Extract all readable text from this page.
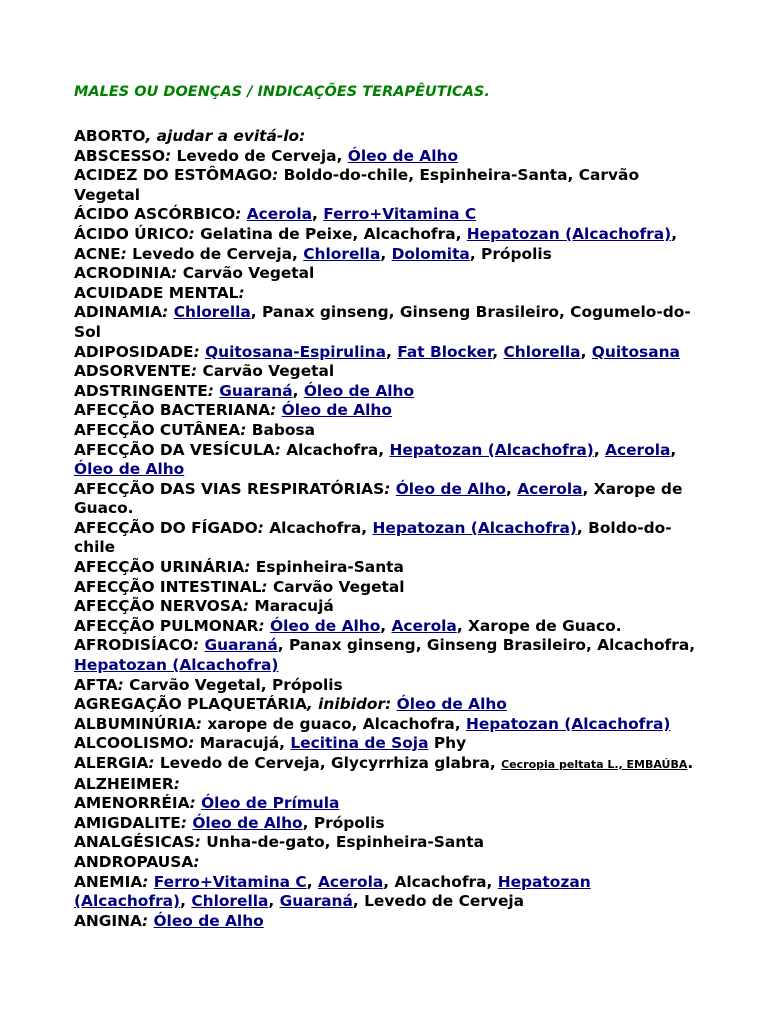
MALES OU DOENÇAS / INDICAÇÕES TERAPÊUTICAS.
ABORTO, ajudar a evitá-lo:
ABSCESSO: Levedo de Cerveja, Óleo de Alho
ACIDEZ DO ESTÔMAGO: Boldo-do-chile, Espinheira-Santa, Carvão Vegetal
ÁCIDO ASCÓRBICO: Acerola, Ferro+Vitamina C
ÁCIDO ÚRICO: Gelatina de Peixe, Alcachofra, Hepatozan (Alcachofra),
ACNE: Levedo de Cerveja, Chlorella, Dolomita, Própolis
ACRODINIA: Carvão Vegetal
ACUIDADE MENTAL:
ADINAMIA: Chlorella, Panax ginseng, Ginseng Brasileiro, Cogumelo-do-Sol
ADIPOSIDADE: Quitosana-Espirulina, Fat Blocker, Chlorella, Quitosana
ADSORVENTE: Carvão Vegetal
ADSTRINGENTE: Guaraná, Óleo de Alho
AFECÇÃO BACTERIANA: Óleo de Alho
AFECÇÃO CUTÂNEA: Babosa
AFECÇÃO DA VESÍCULA: Alcachofra, Hepatozan (Alcachofra), Acerola, Óleo de Alho
AFECÇÃO DAS VIAS RESPIRATÓRIAS: Óleo de Alho, Acerola, Xarope de Guaco.
AFECÇÃO DO FÍGADO: Alcachofra, Hepatozan (Alcachofra), Boldo-do-chile
AFECÇÃO URINÁRIA: Espinheira-Santa
AFECÇÃO INTESTINAL: Carvão Vegetal
AFECÇÃO NERVOSA: Maracujá
AFECÇÃO PULMONAR: Óleo de Alho, Acerola, Xarope de Guaco.
AFRODISÍACO: Guaraná, Panax ginseng, Ginseng Brasileiro, Alcachofra, Hepatozan (Alcachofra)
AFTA: Carvão Vegetal, Própolis
AGREGAÇÃO PLAQUETÁRIA, inibidor: Óleo de Alho
ALBUMINÚRIA: xarope de guaco, Alcachofra, Hepatozan (Alcachofra)
ALCOOLISMO: Maracujá, Lecitina de Soja Phy
ALERGIA: Levedo de Cerveja, Glycyrrhiza glabra, Cecropia peltata L., EMBAÚBA.
ALZHEIMER:
AMENORRÉIA: Óleo de Prímula
AMIGDALITE: Óleo de Alho, Própolis
ANALGÉSICAS: Unha-de-gato, Espinheira-Santa
ANDROPAUSA:
ANEMIA: Ferro+Vitamina C, Acerola, Alcachofra, Hepatozan (Alcachofra), Chlorella, Guaraná, Levedo de Cerveja
ANGINA: Óleo de Alho
